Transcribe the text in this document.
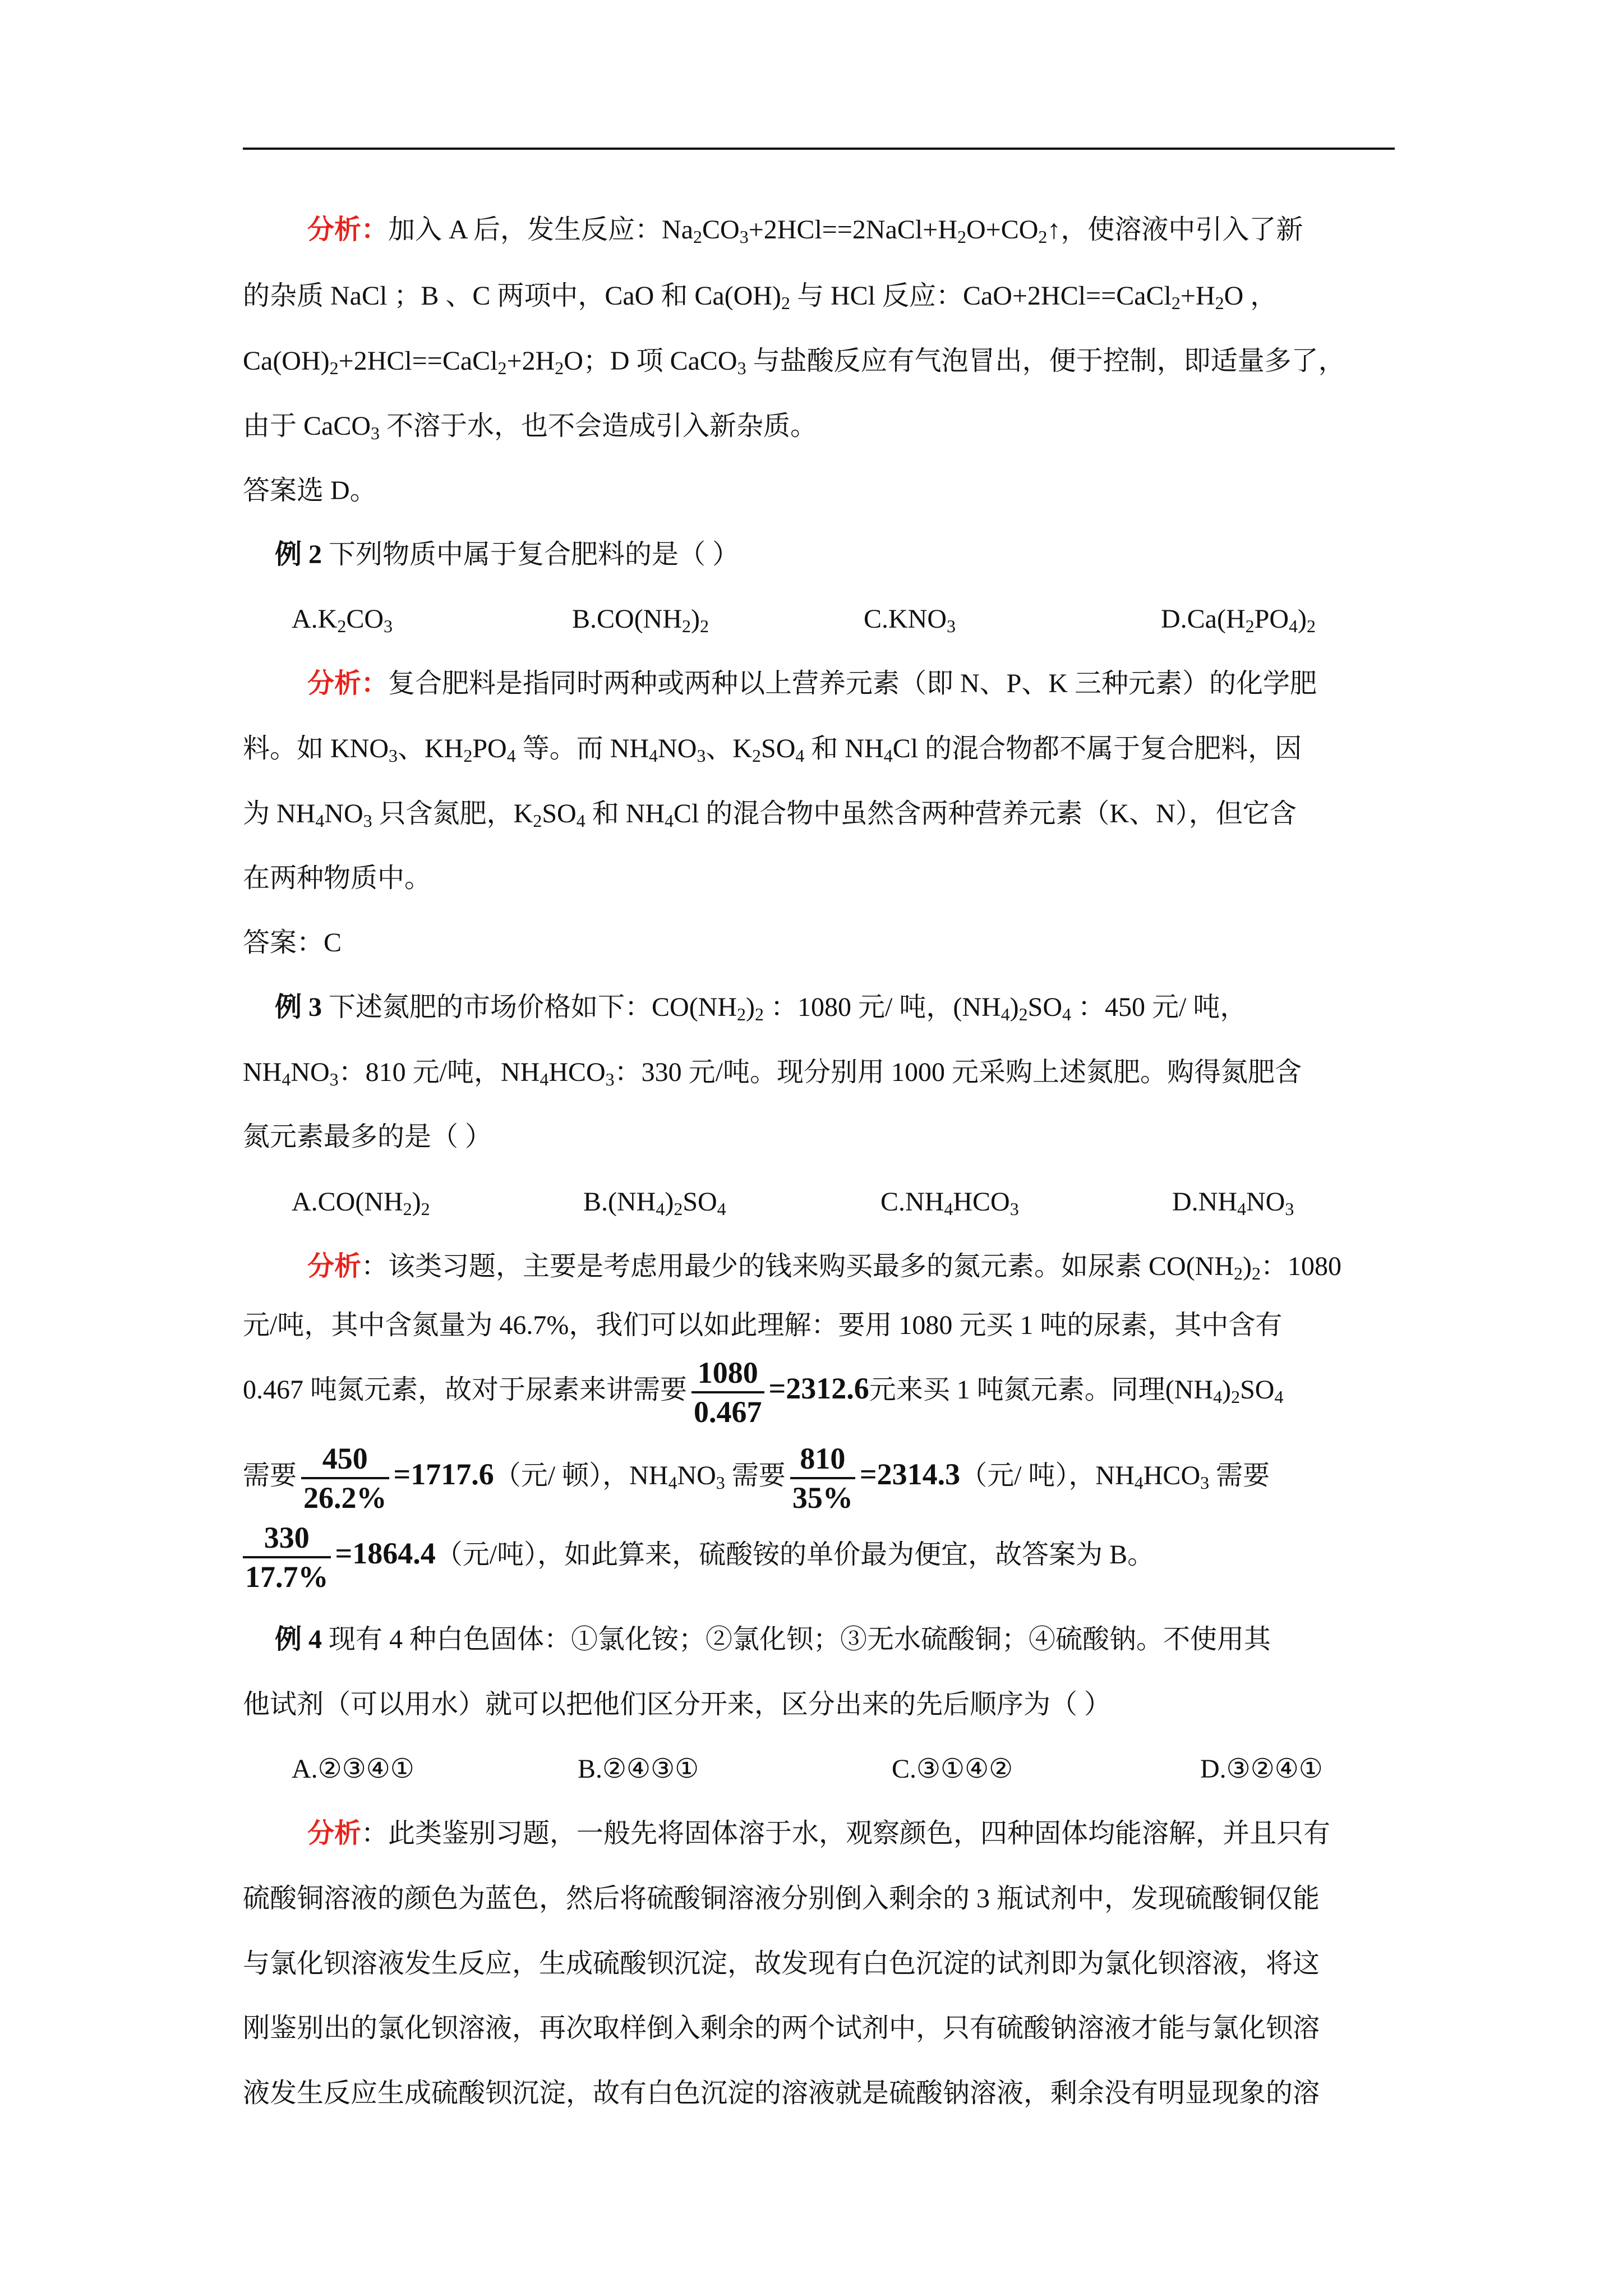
分析：加入 A 后，发生反应：$Na_2CO_3+2HCl==2NaCl+H_2O+CO_2↑$，使溶液中引入了新
的杂质 NaCl ；B 、C 两项中，CaO 和 $Ca(OH)_2$ 与 HCl 反应：$CaO+2HCl==CaCl_2+H_2O$ ，
$Ca(OH)_2+2HCl==CaCl_2+2H_2O$；D 项 CaCO$_3$ 与盐酸反应有气泡冒出，便于控制，即适量多了，
由于 CaCO$_3$ 不溶于水，也不会造成引入新杂质。
答案选 D。
例 2 下列物质中属于复合肥料的是（ ）
$A.K_2CO_3$	$B.CO(NH_2)_2$	$C.KNO_3$	$D.Ca(H_2PO_4)_2$
分析：复合肥料是指同时两种或两种以上营养元素（即 N、P、K 三种元素）的化学肥
料。如 $KNO_3$、$KH_2PO_4$ 等。而 $NH_4NO_3$、$K_2SO_4$ 和 $NH_4Cl$ 的混合物都不属于复合肥料，因
为 $NH_4NO_3$ 只含氮肥，$K_2SO_4$ 和 $NH_4Cl$ 的混合物中虽然含两种营养元素（K、N），但它含
在两种物质中。
答案：C
例 3 下述氮肥的市场价格如下：$CO(NH_2)_2$ ：1080 元/ 吨，$(NH_4)_2SO_4$ ：450 元/ 吨，
$NH_4NO_3$：810 元/吨，$NH_4HCO_3$：330 元/吨。现分别用 1000 元采购上述氮肥。购得氮肥含
氮元素最多的是（ ）
$A.CO(NH_2)_2$	$B.(NH_4)_2SO_4$	$C.NH_4HCO_3$	$D.NH_4NO_3$
分析：该类习题，主要是考虑用最少的钱来购买最多的氮元素。如尿素 $CO(NH_2)_2$：1080
元/吨，其中含氮量为 46.7%，我们可以如此理解：要用 1080 元买 1 吨的尿素，其中含有
0.467 吨氮元素，故对于尿素来讲需要 $\frac{1080}{0.467} =2312.6$元来买 1 吨氮元素。同理$(NH_4)_2SO_4$
需要 $\frac{450}{26.2\%} =1717.6$（元/ 顿），$NH_4NO_3$ 需要 $\frac{810}{35\%} =2314.3$（元/ 吨），$NH_4HCO_3$ 需要
$\frac{330}{17.7\%} =1864.4$（元/吨），如此算来，硫酸铵的单价最为便宜，故答案为 B。
例 4 现有 4 种白色固体：①氯化铵；②氯化钡；③无水硫酸铜；④硫酸钠。不使用其
他试剂（可以用水）就可以把他们区分开来，区分出来的先后顺序为（ ）
A.②③④①	B.②④③①	C.③①④②	D.③②④①
分析：此类鉴别习题，一般先将固体溶于水，观察颜色，四种固体均能溶解，并且只有
硫酸铜溶液的颜色为蓝色，然后将硫酸铜溶液分别倒入剩余的 3 瓶试剂中，发现硫酸铜仅能
与氯化钡溶液发生反应，生成硫酸钡沉淀，故发现有白色沉淀的试剂即为氯化钡溶液，将这
刚鉴别出的氯化钡溶液，再次取样倒入剩余的两个试剂中，只有硫酸钠溶液才能与氯化钡溶
液发生反应生成硫酸钡沉淀，故有白色沉淀的溶液就是硫酸钠溶液，剩余没有明显现象的溶
